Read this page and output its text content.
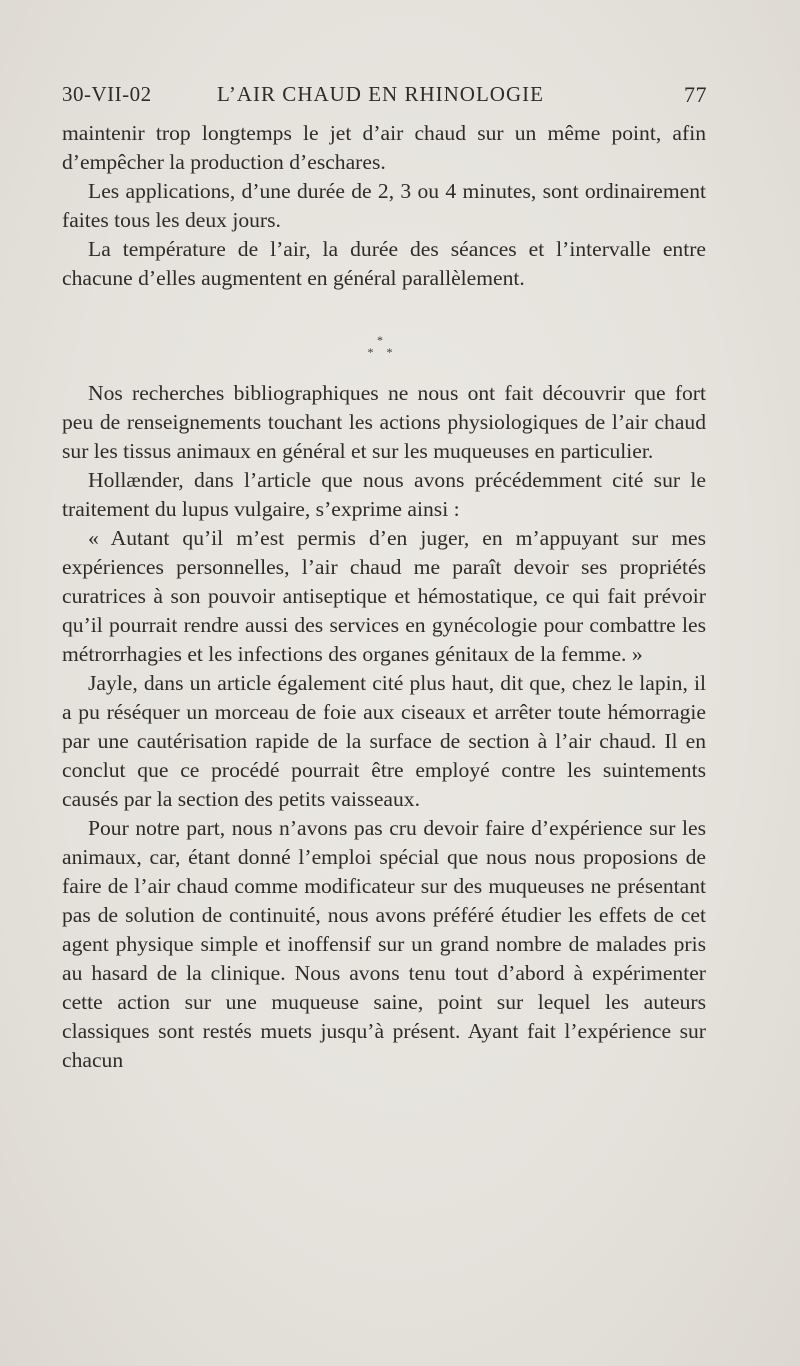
30-VII-02	L’AIR CHAUD EN RHINOLOGIE	77

maintenir trop longtemps le jet d’air chaud sur un même point, afin d’empêcher la production d’eschares.

Les applications, d’une durée de 2, 3 ou 4 minutes, sont ordinairement faites tous les deux jours.

La température de l’air, la durée des séances et l’intervalle entre chacune d’elles augmentent en général parallèlement.

*
* *

Nos recherches bibliographiques ne nous ont fait découvrir que fort peu de renseignements touchant les actions physiologiques de l’air chaud sur les tissus animaux en général et sur les muqueuses en particulier.

Hollænder, dans l’article que nous avons précédemment cité sur le traitement du lupus vulgaire, s’exprime ainsi :

« Autant qu’il m’est permis d’en juger, en m’appuyant sur mes expériences personnelles, l’air chaud me paraît devoir ses propriétés curatrices à son pouvoir antiseptique et hémostatique, ce qui fait prévoir qu’il pourrait rendre aussi des services en gynécologie pour combattre les métrorrhagies et les infections des organes génitaux de la femme. »

Jayle, dans un article également cité plus haut, dit que, chez le lapin, il a pu réséquer un morceau de foie aux ciseaux et arrêter toute hémorragie par une cautérisation rapide de la surface de section à l’air chaud. Il en conclut que ce procédé pourrait être employé contre les suintements causés par la section des petits vaisseaux.

Pour notre part, nous n’avons pas cru devoir faire d’expérience sur les animaux, car, étant donné l’emploi spécial que nous nous proposions de faire de l’air chaud comme modificateur sur des muqueuses ne présentant pas de solution de continuité, nous avons préféré étudier les effets de cet agent physique simple et inoffensif sur un grand nombre de malades pris au hasard de la clinique. Nous avons tenu tout d’abord à expérimenter cette action sur une muqueuse saine, point sur lequel les auteurs classiques sont restés muets jusqu’à présent. Ayant fait l’expérience sur chacun
